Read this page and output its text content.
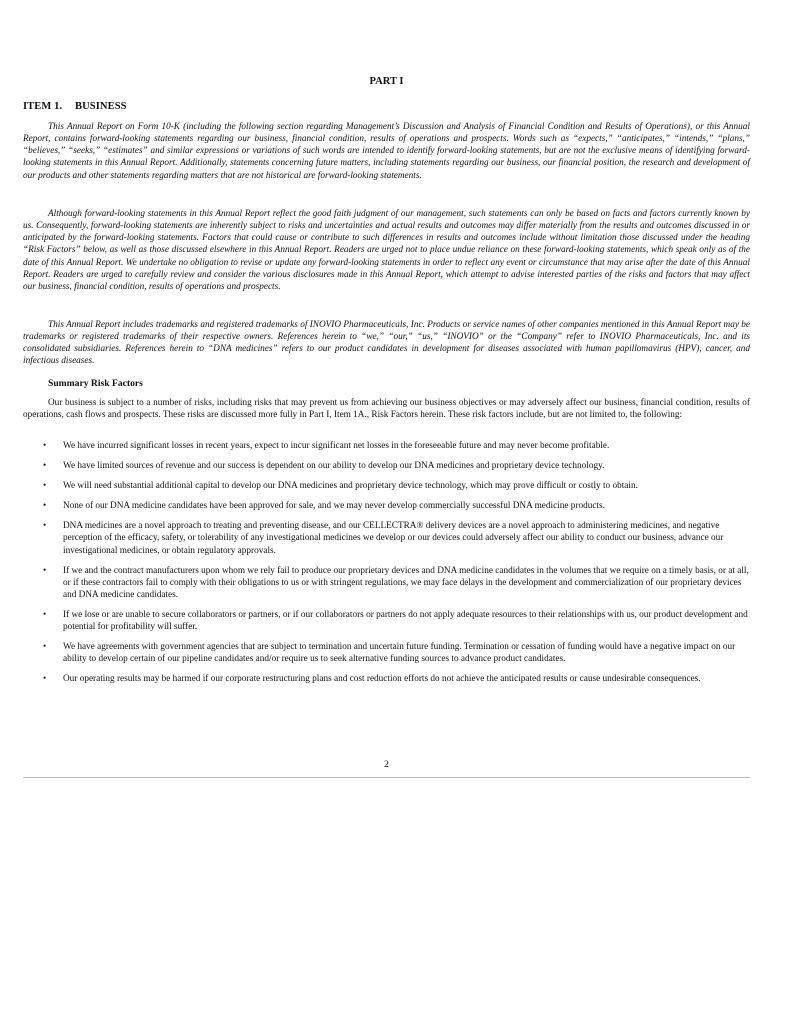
PART I
ITEM 1. BUSINESS

This Annual Report on Form 10-K (including the following section regarding Management’s Discussion and Analysis of Financial Condition and Results of Operations), or this Annual Report, contains forward-looking statements regarding our business, financial condition, results of operations and prospects. Words such as “expects,” “anticipates,” “intends,” “plans,” “believes,” “seeks,” “estimates” and similar expressions or variations of such words are intended to identify forward-looking statements, but are not the exclusive means of identifying forward-looking statements in this Annual Report. Additionally, statements concerning future matters, including statements regarding our business, our financial position, the research and development of our products and other statements regarding matters that are not historical are forward-looking statements.

Although forward-looking statements in this Annual Report reflect the good faith judgment of our management, such statements can only be based on facts and factors currently known by us. Consequently, forward-looking statements are inherently subject to risks and uncertainties and actual results and outcomes may differ materially from the results and outcomes discussed in or anticipated by the forward-looking statements. Factors that could cause or contribute to such differences in results and outcomes include without limitation those discussed under the heading “Risk Factors” below, as well as those discussed elsewhere in this Annual Report. Readers are urged not to place undue reliance on these forward-looking statements, which speak only as of the date of this Annual Report. We undertake no obligation to revise or update any forward-looking statements in order to reflect any event or circumstance that may arise after the date of this Annual Report. Readers are urged to carefully review and consider the various disclosures made in this Annual Report, which attempt to advise interested parties of the risks and factors that may affect our business, financial condition, results of operations and prospects.

This Annual Report includes trademarks and registered trademarks of INOVIO Pharmaceuticals, Inc. Products or service names of other companies mentioned in this Annual Report may be trademarks or registered trademarks of their respective owners. References herein to “we,” “our,” “us,” “INOVIO” or the “Company” refer to INOVIO Pharmaceuticals, Inc. and its consolidated subsidiaries. References herein to “DNA medicines” refers to our product candidates in development for diseases associated with human papillomavirus (HPV), cancer, and infectious diseases.

Summary Risk Factors

Our business is subject to a number of risks, including risks that may prevent us from achieving our business objectives or may adversely affect our business, financial condition, results of operations, cash flows and prospects. These risks are discussed more fully in Part I, Item 1A., Risk Factors herein. These risk factors include, but are not limited to, the following:

• We have incurred significant losses in recent years, expect to incur significant net losses in the foreseeable future and may never become profitable.
• We have limited sources of revenue and our success is dependent on our ability to develop our DNA medicines and proprietary device technology.
• We will need substantial additional capital to develop our DNA medicines and proprietary device technology, which may prove difficult or costly to obtain.
• None of our DNA medicine candidates have been approved for sale, and we may never develop commercially successful DNA medicine products.
• DNA medicines are a novel approach to treating and preventing disease, and our CELLECTRA® delivery devices are a novel approach to administering medicines, and negative perception of the efficacy, safety, or tolerability of any investigational medicines we develop or our devices could adversely affect our ability to conduct our business, advance our investigational medicines, or obtain regulatory approvals.
• If we and the contract manufacturers upon whom we rely fail to produce our proprietary devices and DNA medicine candidates in the volumes that we require on a timely basis, or at all, or if these contractors fail to comply with their obligations to us or with stringent regulations, we may face delays in the development and commercialization of our proprietary devices and DNA medicine candidates.
• If we lose or are unable to secure collaborators or partners, or if our collaborators or partners do not apply adequate resources to their relationships with us, our product development and potential for profitability will suffer.
• We have agreements with government agencies that are subject to termination and uncertain future funding. Termination or cessation of funding would have a negative impact on our ability to develop certain of our pipeline candidates and/or require us to seek alternative funding sources to advance product candidates.
• Our operating results may be harmed if our corporate restructuring plans and cost reduction efforts do not achieve the anticipated results or cause undesirable consequences.
2
